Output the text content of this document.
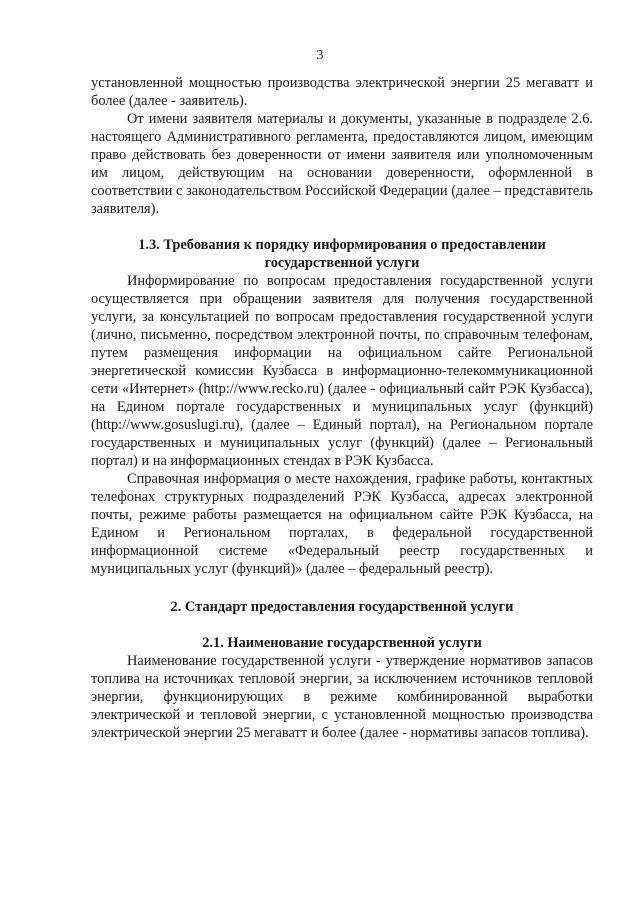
3

установленной мощностью производства электрической энергии 25 мегаватт и более (далее - заявитель).

От имени заявителя материалы и документы, указанные в подразделе 2.6. настоящего Административного регламента, предоставляются лицом, имеющим право действовать без доверенности от имени заявителя или уполномоченным им лицом, действующим на основании доверенности, оформленной в соответствии с законодательством Российской Федерации (далее – представитель заявителя).

1.3. Требования к порядку информирования о предоставлении
государственной услуги

Информирование по вопросам предоставления государственной услуги осуществляется при обращении заявителя для получения государственной услуги, за консультацией по вопросам предоставления государственной услуги (лично, письменно, посредством электронной почты, по справочным телефонам, путем размещения информации на официальном сайте Региональной энергетической комиссии Кузбасса в информационно-телекоммуникационной сети «Интернет» (http://www.recko.ru) (далее - официальный сайт РЭК Кузбасса), на Едином портале государственных и муниципальных услуг (функций) (http://www.gosuslugi.ru), (далее – Единый портал), на Региональном портале государственных и муниципальных услуг (функций) (далее – Региональный портал) и на информационных стендах в РЭК Кузбасса.

Справочная информация о месте нахождения, графике работы, контактных телефонах структурных подразделений РЭК Кузбасса, адресах электронной почты, режиме работы размещается на официальном сайте РЭК Кузбасса, на Едином и Региональном порталах, в федеральной государственной информационной системе «Федеральный реестр государственных и муниципальных услуг (функций)» (далее – федеральный реестр).

2. Стандарт предоставления государственной услуги
2.1. Наименование государственной услуги

Наименование государственной услуги - утверждение нормативов запасов топлива на источниках тепловой энергии, за исключением источников тепловой энергии, функционирующих в режиме комбинированной выработки электрической и тепловой энергии, с установленной мощностью производства электрической энергии 25 мегаватт и более (далее - нормативы запасов топлива).
